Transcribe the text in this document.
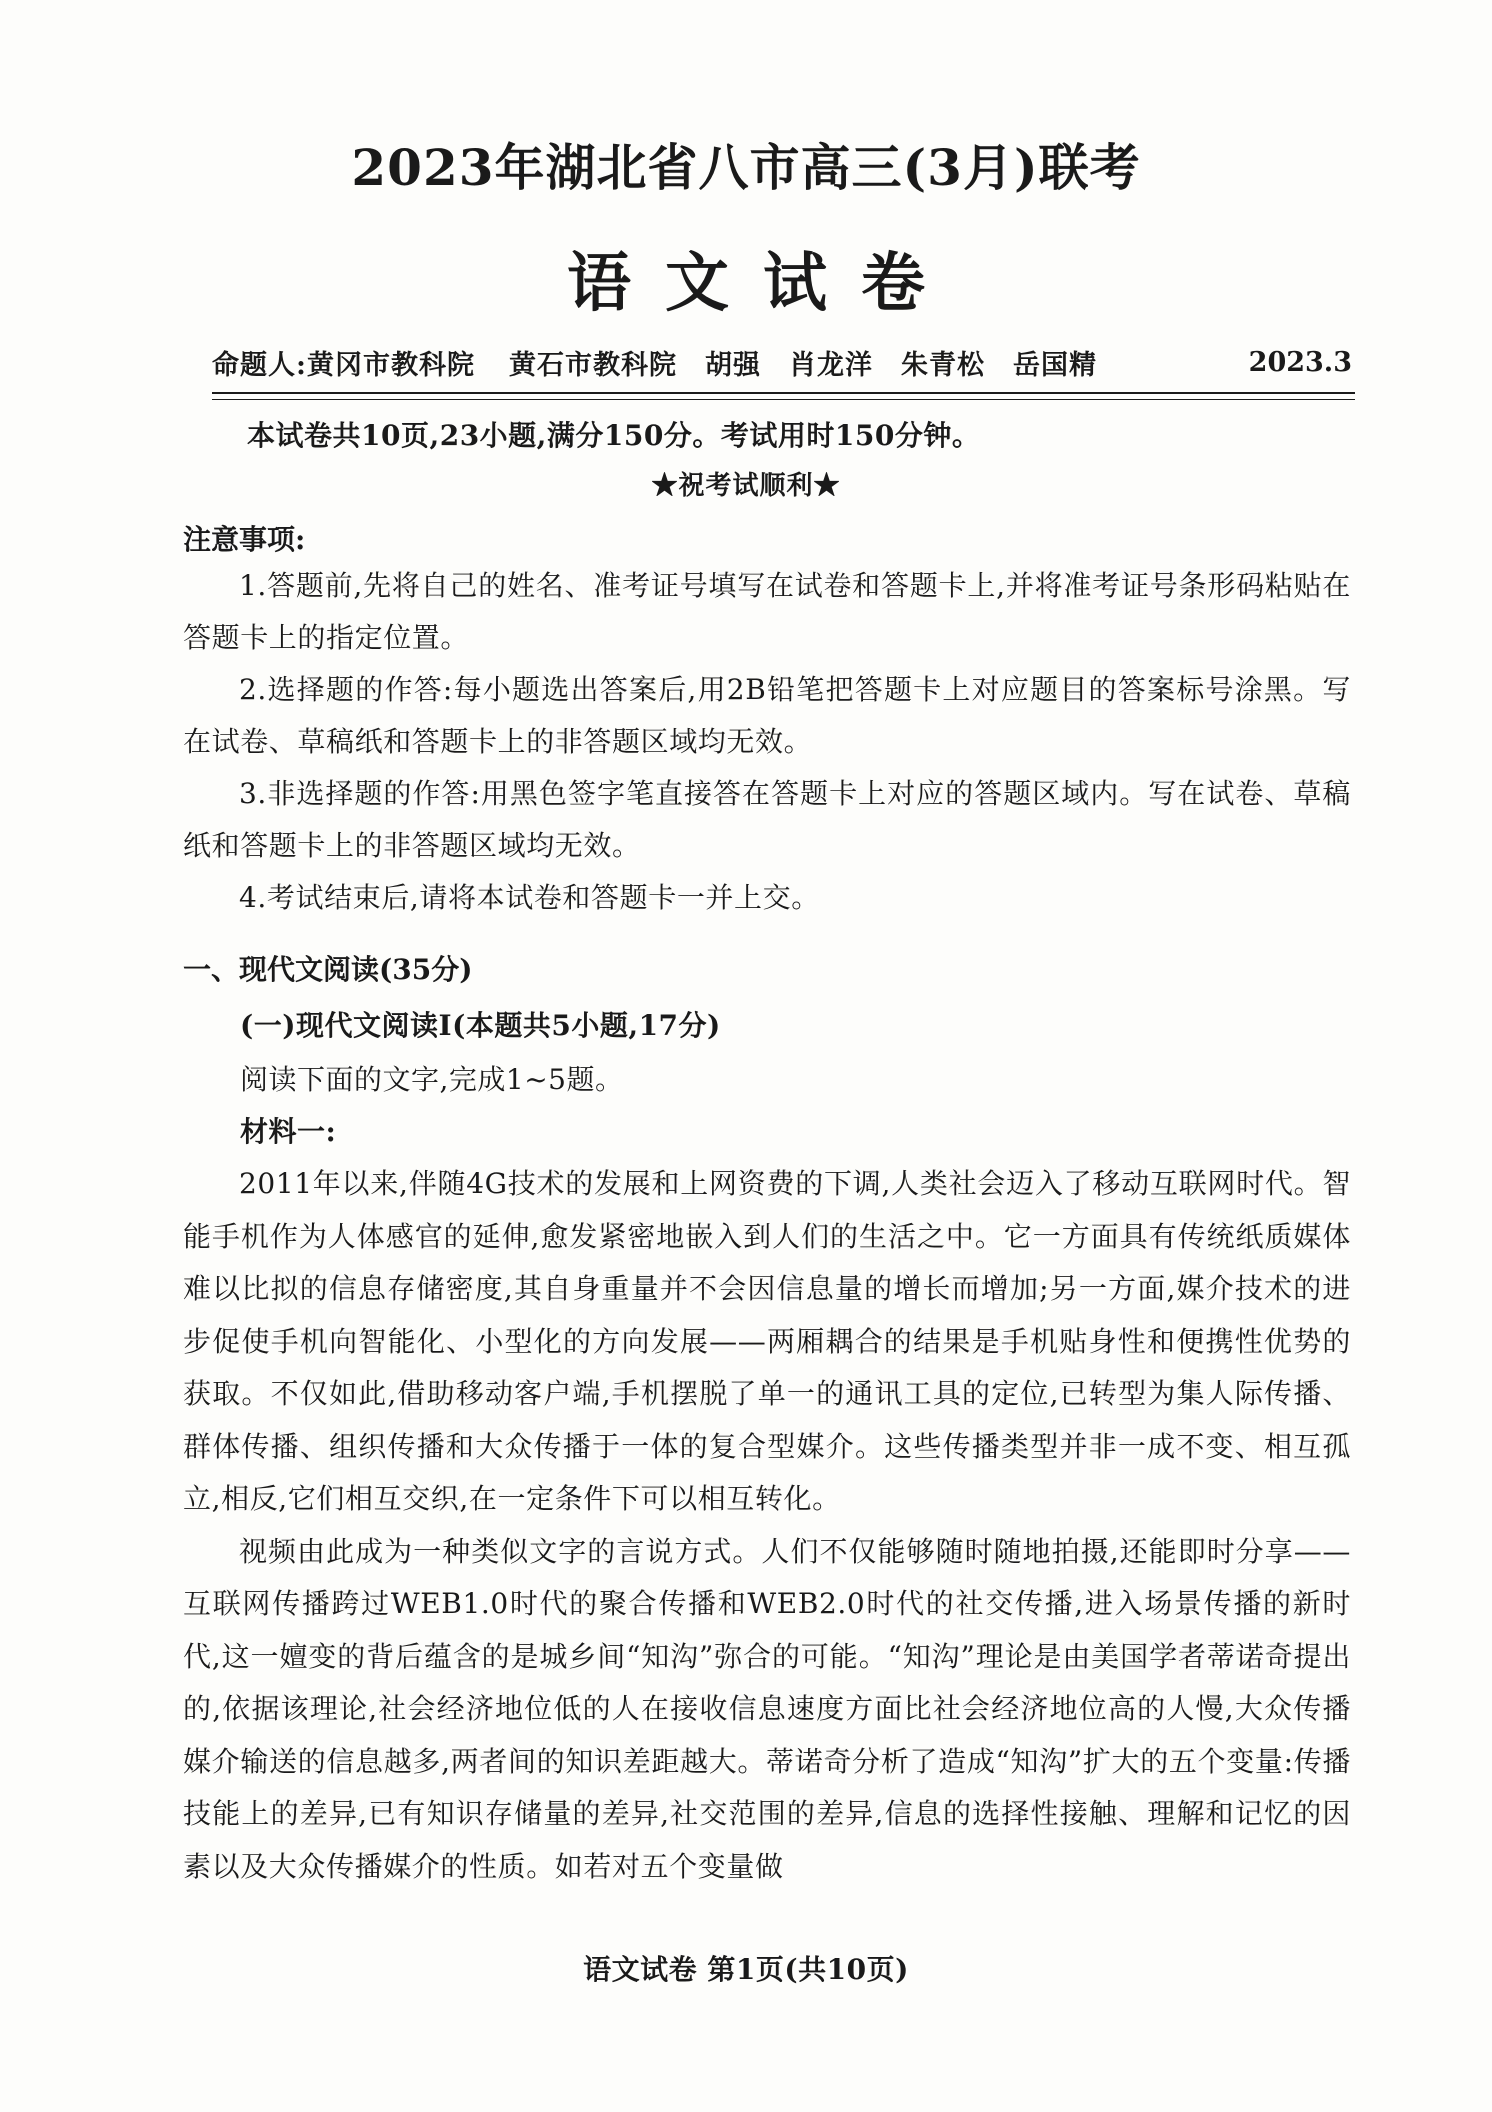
2023年湖北省八市高三(3月)联考
语文试卷
命题人:黄冈市教科院 黄石市教科院 胡强 肖龙洋 朱青松 岳国精	2023.3
本试卷共10页,23小题,满分150分。考试用时150分钟。
★祝考试顺利★
注意事项:

1.答题前,先将自己的姓名、准考证号填写在试卷和答题卡上,并将准考证号条形码粘贴在答题卡上的指定位置。

2.选择题的作答:每小题选出答案后,用2B铅笔把答题卡上对应题目的答案标号涂黑。写在试卷、草稿纸和答题卡上的非答题区域均无效。

3.非选择题的作答:用黑色签字笔直接答在答题卡上对应的答题区域内。写在试卷、草稿纸和答题卡上的非答题区域均无效。

4.考试结束后,请将本试卷和答题卡一并上交。

一、现代文阅读(35分)
(一)现代文阅读Ⅰ(本题共5小题,17分)
阅读下面的文字,完成1~5题。
材料一:

2011年以来,伴随4G技术的发展和上网资费的下调,人类社会迈入了移动互联网时代。智能手机作为人体感官的延伸,愈发紧密地嵌入到人们的生活之中。它一方面具有传统纸质媒体难以比拟的信息存储密度,其自身重量并不会因信息量的增长而增加;另一方面,媒介技术的进步促使手机向智能化、小型化的方向发展——两厢耦合的结果是手机贴身性和便携性优势的获取。不仅如此,借助移动客户端,手机摆脱了单一的通讯工具的定位,已转型为集人际传播、群体传播、组织传播和大众传播于一体的复合型媒介。这些传播类型并非一成不变、相互孤立,相反,它们相互交织,在一定条件下可以相互转化。

视频由此成为一种类似文字的言说方式。人们不仅能够随时随地拍摄,还能即时分享——互联网传播跨过WEB1.0时代的聚合传播和WEB2.0时代的社交传播,进入场景传播的新时代,这一嬗变的背后蕴含的是城乡间“知沟”弥合的可能。“知沟”理论是由美国学者蒂诺奇提出的,依据该理论,社会经济地位低的人在接收信息速度方面比社会经济地位高的人慢,大众传播媒介输送的信息越多,两者间的知识差距越大。蒂诺奇分析了造成“知沟”扩大的五个变量:传播技能上的差异,已有知识存储量的差异,社交范围的差异,信息的选择性接触、理解和记忆的因素以及大众传播媒介的性质。如若对五个变量做

语文试卷 第1页(共10页)
